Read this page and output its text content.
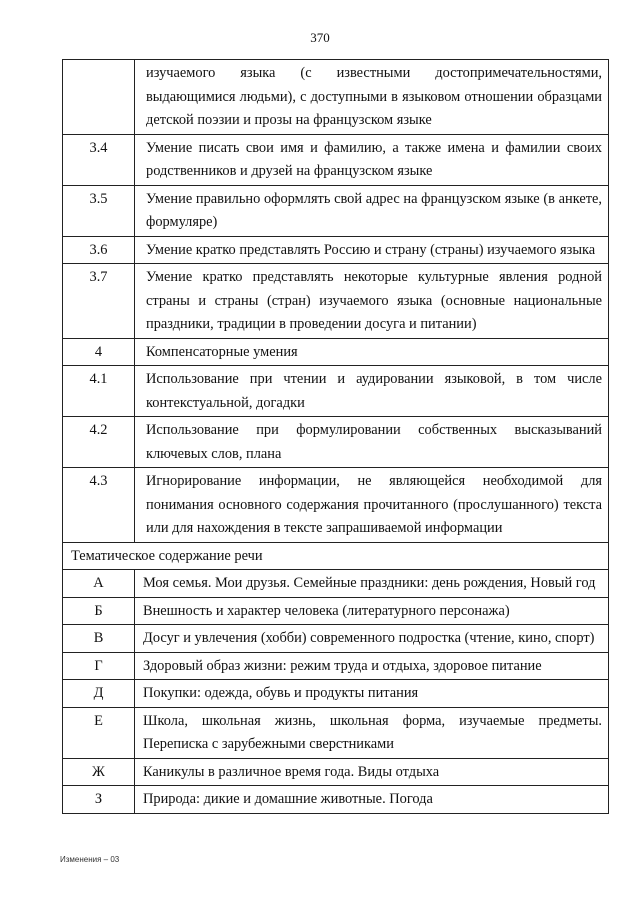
370
	изучаемого языка (с известными достопримечательностями, выдающимися людьми), с доступными в языковом отношении образцами детской поэзии и прозы на французском языке
3.4	Умение писать свои имя и фамилию, а также имена и фамилии своих родственников и друзей на французском языке
3.5	Умение правильно оформлять свой адрес на французском языке (в анкете, формуляре)
3.6	Умение кратко представлять Россию и страну (страны) изучаемого языка
3.7	Умение кратко представлять некоторые культурные явления родной страны и страны (стран) изучаемого языка (основные национальные праздники, традиции в проведении досуга и питании)
4	Компенсаторные умения
4.1	Использование при чтении и аудировании языковой, в том числе контекстуальной, догадки
4.2	Использование при формулировании собственных высказываний ключевых слов, плана
4.3	Игнорирование информации, не являющейся необходимой для понимания основного содержания прочитанного (прослушанного) текста или для нахождения в тексте запрашиваемой информации
Тематическое содержание речи	
А	Моя семья. Мои друзья. Семейные праздники: день рождения, Новый год
Б	Внешность и характер человека (литературного персонажа)
В	Досуг и увлечения (хобби) современного подростка (чтение, кино, спорт)
Г	Здоровый образ жизни: режим труда и отдыха, здоровое питание
Д	Покупки: одежда, обувь и продукты питания
Е	Школа, школьная жизнь, школьная форма, изучаемые предметы. Переписка с зарубежными сверстниками
Ж	Каникулы в различное время года. Виды отдыха
З	Природа: дикие и домашние животные. Погода
Изменения – 03
